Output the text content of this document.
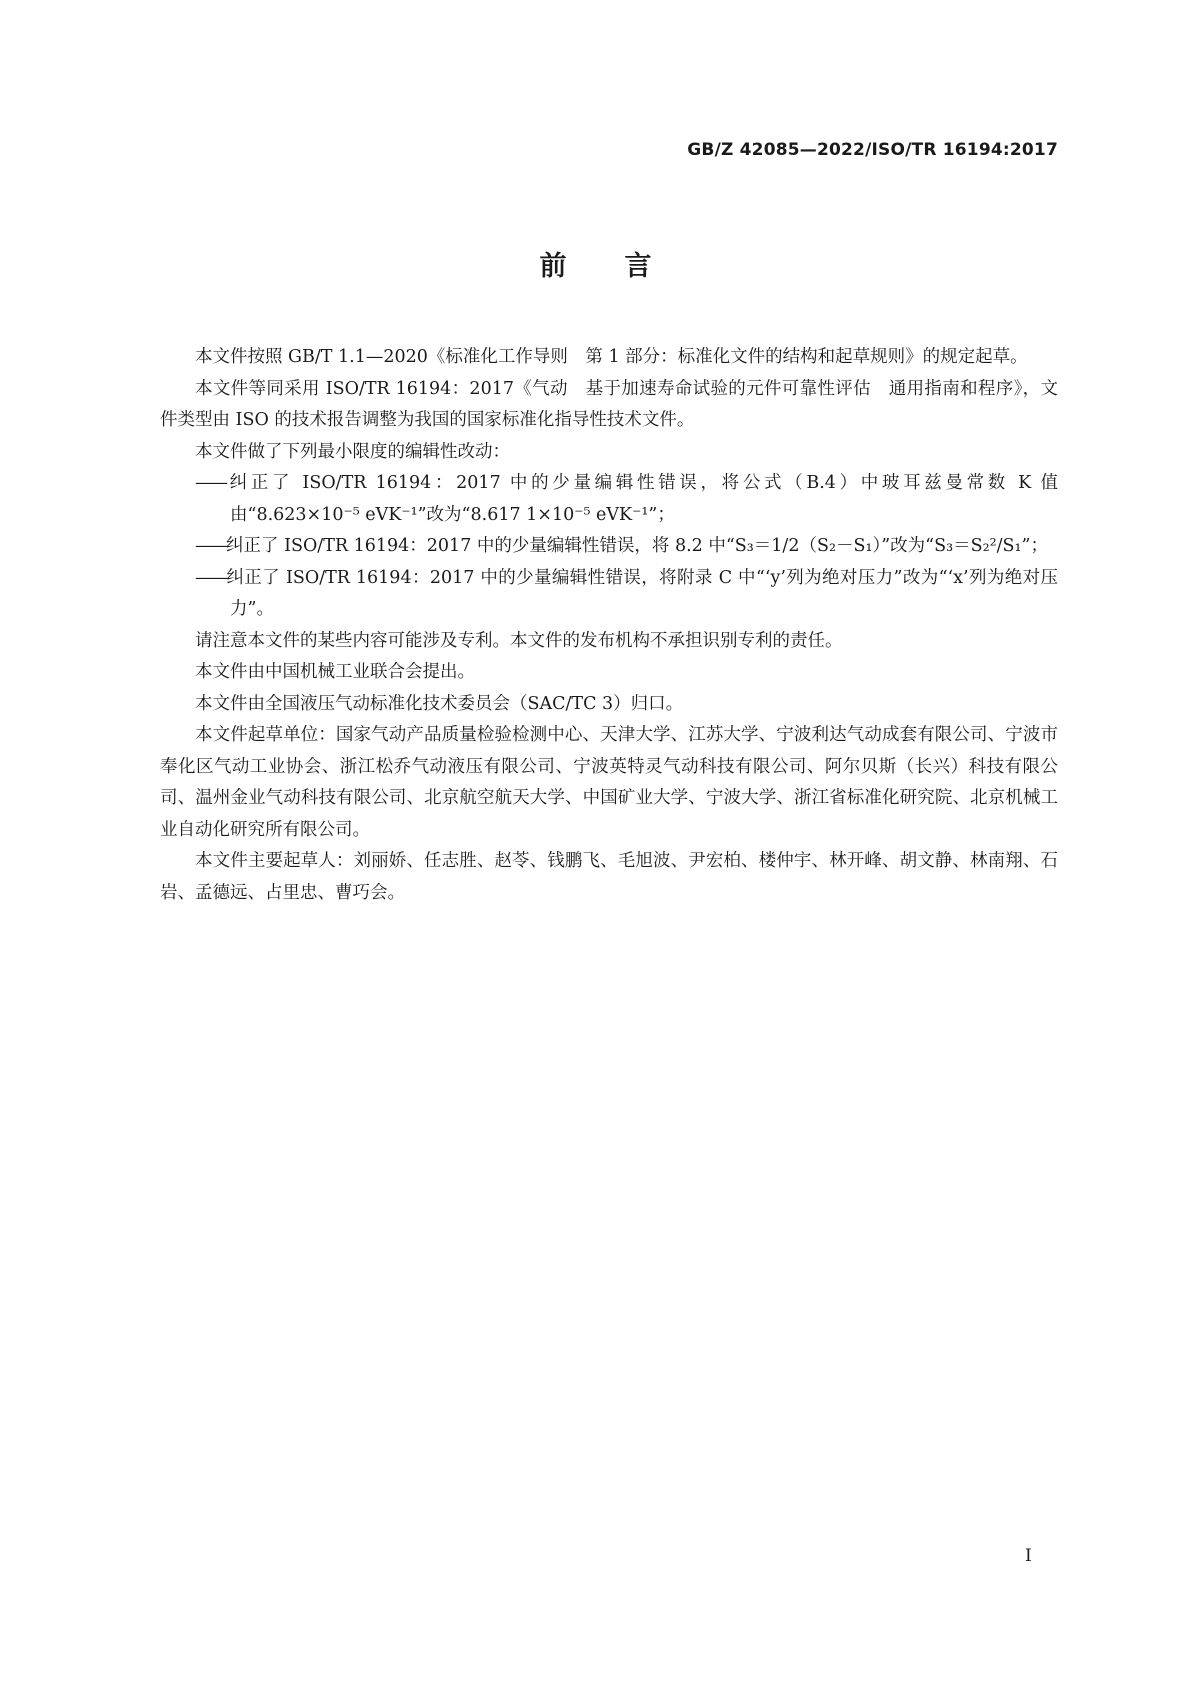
GB/Z 42085—2022/ISO/TR 16194:2017
前 言

本文件按照 GB/T 1.1—2020《标准化工作导则　第 1 部分：标准化文件的结构和起草规则》的规定起草。

本文件等同采用 ISO/TR 16194：2017《气动　基于加速寿命试验的元件可靠性评估　通用指南和程序》，文件类型由 ISO 的技术报告调整为我国的国家标准化指导性技术文件。

本文件做了下列最小限度的编辑性改动：

——纠正了 ISO/TR 16194：2017 中的少量编辑性错误，将公式（B.4）中玻耳兹曼常数 K 值由“8.623×10⁻⁵ eVK⁻¹”改为“8.617 1×10⁻⁵ eVK⁻¹”；

——纠正了 ISO/TR 16194：2017 中的少量编辑性错误，将 8.2 中“S₃＝1/2（S₂－S₁）”改为“S₃＝S₂²/S₁”；

——纠正了 ISO/TR 16194：2017 中的少量编辑性错误，将附录 C 中“‘y’列为绝对压力”改为“‘x’列为绝对压力”。

请注意本文件的某些内容可能涉及专利。本文件的发布机构不承担识别专利的责任。

本文件由中国机械工业联合会提出。

本文件由全国液压气动标准化技术委员会（SAC/TC 3）归口。

本文件起草单位：国家气动产品质量检验检测中心、天津大学、江苏大学、宁波利达气动成套有限公司、宁波市奉化区气动工业协会、浙江松乔气动液压有限公司、宁波英特灵气动科技有限公司、阿尔贝斯（长兴）科技有限公司、温州金业气动科技有限公司、北京航空航天大学、中国矿业大学、宁波大学、浙江省标准化研究院、北京机械工业自动化研究所有限公司。

本文件主要起草人：刘丽娇、任志胜、赵苓、钱鹏飞、毛旭波、尹宏柏、楼仲宇、林开峰、胡文静、林南翔、石岩、孟德远、占里忠、曹巧会。

I
